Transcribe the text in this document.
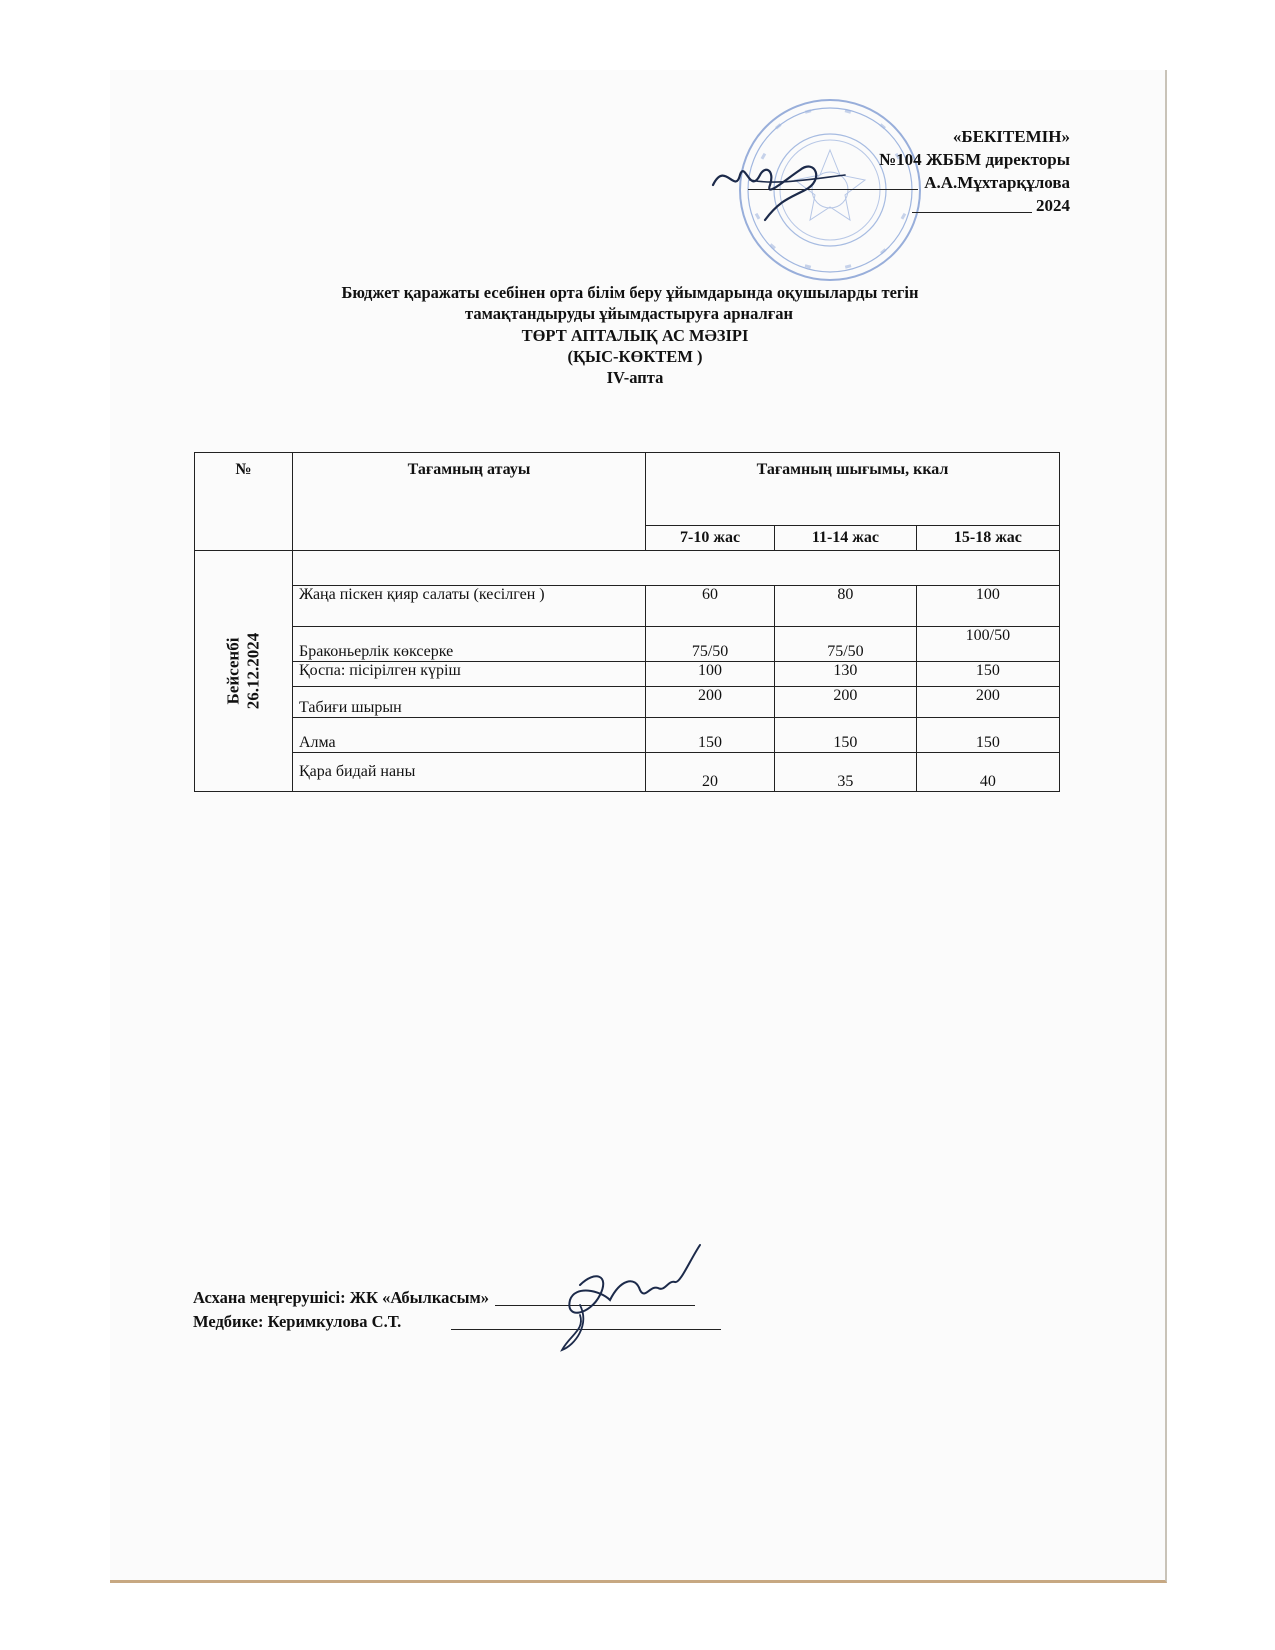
«БЕКІТЕМІН»
№104 ЖББМ директоры
А.А.Мұхтарқұлова
2024
Бюджет қаражаты есебінен орта білім беру ұйымдарында оқушыларды тегін
тамақтандыруды ұйымдастыруға арналған
ТӨРТ АПТАЛЫҚ АС МӘЗІРІ
(ҚЫС-КӨКТЕМ )
IV-апта
№	Тағамның атауы	Тағамның шығымы, ккал		
		7-10 жас	11-14 жас	15-18 жас
Бейсенбі
26.12.2024				
	Жаңа піскен қияр салаты (кесілген )	60	80	100
	Браконьерлік көксерке	75/50	75/50	100/50
	Қоспа: пісірілген күріш	100	130	150
	Табиғи шырын	200	200	200
	Алма	150	150	150
	Қара бидай наны	20	35	40
Асхана меңгерушісі: ЖК «Абылкасым»
Медбике: Керимкулова С.Т.
